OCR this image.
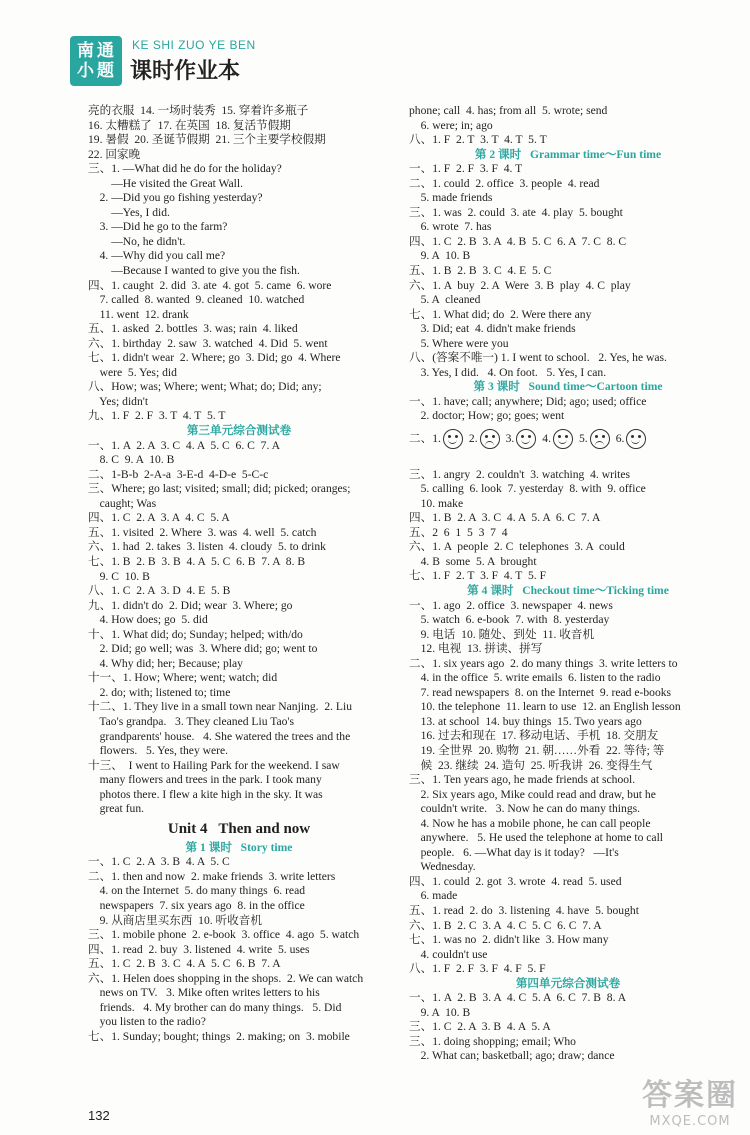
南 通
小 题
KE SHI ZUO YE BEN
课时作业本
亮的衣服  14. 一场时装秀  15. 穿着许多瓶子
16. 太糟糕了  17. 在英国  18. 复活节假期
19. 暑假  20. 圣诞节假期  21. 三个主要学校假期
22. 回家晚
三、1. —What did he do for the holiday?
—He visited the Great Wall.
2. —Did you go fishing yesterday?
—Yes, I did.
3. —Did he go to the farm?
—No, he didn't.
4. —Why did you call me?
—Because I wanted to give you the fish.
四、1. caught  2. did  3. ate  4. got  5. came  6. wore
7. called  8. wanted  9. cleaned  10. watched
11. went  12. drank
五、1. asked  2. bottles  3. was; rain  4. liked
六、1. birthday  2. saw  3. watched  4. Did  5. went
七、1. didn't wear  2. Where; go  3. Did; go  4. Where
were  5. Yes; did
八、How; was; Where; went; What; do; Did; any;
Yes; didn't
九、1. F  2. F  3. T  4. T  5. T
第三单元综合测试卷
一、1. A  2. A  3. C  4. A  5. C  6. C  7. A
8. C  9. A  10. B
二、1-B-b  2-A-a  3-E-d  4-D-e  5-C-c
三、Where; go last; visited; small; did; picked; oranges;
caught; Was
四、1. C  2. A  3. A  4. C  5. A
五、1. visited  2. Where  3. was  4. well  5. catch
六、1. had  2. takes  3. listen  4. cloudy  5. to drink
七、1. B  2. B  3. B  4. A  5. C  6. B  7. A  8. B
9. C  10. B
八、1. C  2. A  3. D  4. E  5. B
九、1. didn't do  2. Did; wear  3. Where; go
4. How does; go  5. did
十、1. What did; do; Sunday; helped; with/do
2. Did; go well; was  3. Where did; go; went to
4. Why did; her; Because; play
十一、1. How; Where; went; watch; did
2. do; with; listened to; time
十二、1. They live in a small town near Nanjing.  2. Liu
Tao's grandpa.   3. They cleaned Liu Tao's
grandparents' house.   4. She watered the trees and the
flowers.   5. Yes, they were.
十三、  I went to Hailing Park for the weekend. I saw
many flowers and trees in the park. I took many
photos there. I flew a kite high in the sky. It was
great fun.
Unit 4   Then and now
第 1 课时   Story time
一、1. C  2. A  3. B  4. A  5. C
二、1. then and now  2. make friends  3. write letters
4. on the Internet  5. do many things  6. read
newspapers  7. six years ago  8. in the office
9. 从商店里买东西  10. 听收音机
三、1. mobile phone  2. e-book  3. office  4. ago  5. watch
四、1. read  2. buy  3. listened  4. write  5. uses
五、1. C  2. B  3. C  4. A  5. C  6. B  7. A
六、1. Helen does shopping in the shops.  2. We can watch
news on TV.   3. Mike often writes letters to his
friends.   4. My brother can do many things.   5. Did
you listen to the radio?
七、1. Sunday; bought; things  2. making; on  3. mobile
phone; call  4. has; from all  5. wrote; send
6. were; in; ago
八、1. F  2. T  3. T  4. T  5. T
第 2 课时   Grammar time～Fun time
一、1. F  2. F  3. F  4. T
二、1. could  2. office  3. people  4. read
5. made friends
三、1. was  2. could  3. ate  4. play  5. bought
6. wrote  7. has
四、1. C  2. B  3. A  4. B  5. C  6. A  7. C  8. C
9. A  10. B
五、1. B  2. B  3. C  4. E  5. C
六、1. A  buy  2. A  Were  3. B  play  4. C  play
5. A  cleaned
七、1. What did; do  2. Were there any
3. Did; eat  4. didn't make friends
5. Where were you
八、(答案不唯一) 1. I went to school.   2. Yes, he was.
3. Yes, I did.   4. On foot.   5. Yes, I can.
第 3 课时   Sound time～Cartoon time
一、1. have; call; anywhere; Did; ago; used; office
2. doctor; How; go; goes; went
二、1. 2. 3. 4. 5. 6.
三、1. angry  2. couldn't  3. watching  4. writes
5. calling  6. look  7. yesterday  8. with  9. office
10. make
四、1. B  2. A  3. C  4. A  5. A  6. C  7. A
五、2  6  1  5  3  7  4
六、1. A  people  2. C  telephones  3. A  could
4. B  some  5. A  brought
七、1. F  2. T  3. F  4. T  5. F
第 4 课时   Checkout time～Ticking time
一、1. ago  2. office  3. newspaper  4. news
5. watch  6. e-book  7. with  8. yesterday
9. 电话  10. 随处、到处  11. 收音机
12. 电视  13. 拼读、拼写
二、1. six years ago  2. do many things  3. write letters to
4. in the office  5. write emails  6. listen to the radio
7. read newspapers  8. on the Internet  9. read e-books
10. the telephone  11. learn to use  12. an English lesson
13. at school  14. buy things  15. Two years ago
16. 过去和现在  17. 移动电话、手机  18. 交朋友
19. 全世界  20. 购物  21. 朝……外看  22. 等待; 等
候  23. 继续  24. 造句  25. 听我讲  26. 变得生气
三、1. Ten years ago, he made friends at school.
2. Six years ago, Mike could read and draw, but he
couldn't write.   3. Now he can do many things.
4. Now he has a mobile phone, he can call people
anywhere.   5. He used the telephone at home to call
people.   6. —What day is it today?   —It's
Wednesday.
四、1. could  2. got  3. wrote  4. read  5. used
6. made
五、1. read  2. do  3. listening  4. have  5. bought
六、1. B  2. C  3. A  4. C  5. C  6. C  7. A
七、1. was no  2. didn't like  3. How many
4. couldn't use
八、1. F  2. F  3. F  4. F  5. F
第四单元综合测试卷
一、1. A  2. B  3. A  4. C  5. A  6. C  7. B  8. A
9. A  10. B
三、1. C  2. A  3. B  4. A  5. A
三、1. doing shopping; email; Who
2. What can; basketball; ago; draw; dance
132
答案圈
MXQE.COM
